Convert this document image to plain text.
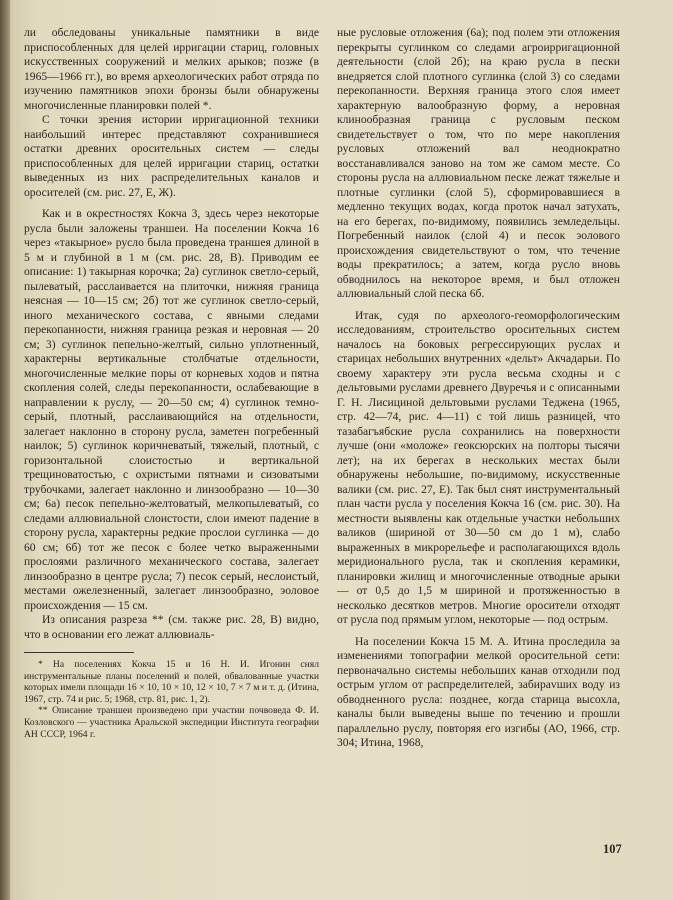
ли обследованы уникальные памятники в виде приспособленных для целей ирригации стариц, головных искусственных сооружений и мелких арыков; позже (в 1965—1966 гг.), во время археологических работ отряда по изучению памятников эпохи бронзы были обнаружены многочисленные планировки полей *.

С точки зрения истории ирригационной техники наибольший интерес представляют сохранившиеся остатки древних оросительных систем — следы приспособленных для целей ирригации стариц, остатки выведенных из них распределительных каналов и оросителей (см. рис. 27, Е, Ж).

Как и в окрестностях Кокча 3, здесь через некоторые русла были заложены траншеи. На поселении Кокча 16 через «такырное» русло была проведена траншея длиной в 5 м и глубиной в 1 м (см. рис. 28, В). Приводим ее описание: 1) такырная корочка; 2a) суглинок светло-серый, пылеватый, расслаивается на плиточки, нижняя граница неясная — 10—15 см; 2б) тот же суглинок светло-серый, иного механического состава, с явными следами перекопанности, нижняя граница резкая и неровная — 20 см; 3) суглинок пепельно-желтый, сильно уплотненный, характерны вертикальные столбчатые отдельности, многочисленные мелкие поры от корневых ходов и пятна скопления солей, следы перекопанности, ослабевающие в направлении к руслу, — 20—50 см; 4) суглинок темно-серый, плотный, расслаивающийся на отдельности, залегает наклонно в сторону русла, заметен погребенный наилок; 5) суглинок коричневатый, тяжелый, плотный, с горизонтальной слоистостью и вертикальной трещиноватостью, с охристыми пятнами и сизоватыми трубочками, залегает наклонно и линзообразно — 10—30 см; 6a) песок пепельно-желтоватый, мелкопылеватый, со следами аллювиальной слоистости, слои имеют падение в сторону русла, характерны редкие прослои суглинка — до 60 см; 6б) тот же песок с более четко выраженными прослоями различного механического состава, залегает линзообразно в центре русла; 7) песок серый, неслоистый, местами ожелезненный, залегает линзообразно, эоловое происхождения — 15 см.

Из описания разреза ** (см. также рис. 28, В) видно, что в основании его лежат аллювиаль-

* На поселениях Кокча 15 и 16 Н. И. Игонин снял инструментальные планы поселений и полей, обвалованные участки которых имели площади 16 × 10, 10 × 10, 12 × 10, 7 × 7 м и т. д. (Итина, 1967, стр. 74 и рис. 5; 1968, стр. 81, рис. 1, 2).

** Описание траншеи произведено при участии почвоведа Ф. И. Козловского — участника Аральской экспедиции Института географии АН СССР, 1964 г.

ные русловые отложения (6а); под полем эти отложения перекрыты суглинком со следами агроирригационной деятельности (слой 2б); на краю русла в пески внедряется слой плотного суглинка (слой 3) со следами перекопанности. Верхняя граница этого слоя имеет характерную валообразную форму, а неровная клинообразная граница с русловым песком свидетельствует о том, что по мере накопления русловых отложений вал неоднократно восстанавливался заново на том же самом месте. Со стороны русла на аллювиальном песке лежат тяжелые и плотные суглинки (слой 5), сформировавшиеся в медленно текущих водах, когда проток начал затухать, на его берегах, по-видимому, появились земледельцы. Погребенный наилок (слой 4) и песок эолового происхождения свидетельствуют о том, что течение воды прекратилось; а затем, когда русло вновь обводнилось на некоторое время, и был отложен аллювиальный слой песка 6б.

Итак, судя по археолого-геоморфологическим исследованиям, строительство оросительных систем началось на боковых регрессирующих руслах и старицах небольших внутренних «дельт» Акчадарьи. По своему характеру эти русла весьма сходны и с дельтовыми руслами древнего Двуречья и с описанными Г. Н. Лисициной дельтовыми руслами Теджена (1965, стр. 42—74, рис. 4—11) с той лишь разницей, что тазабагъябские русла сохранились на поверхности лучше (они «моложе» геоксюрских на полторы тысячи лет); на их берегах в нескольких местах были обнаружены небольшие, по-видимому, искусственные валики (см. рис. 27, Е). Так был снят инструментальный план части русла у поселения Кокча 16 (см. рис. 30). На местности выявлены как отдельные участки небольших валиков (шириной от 30—50 см до 1 м), слабо выраженных в микрорельефе и располагающихся вдоль меридионального русла, так и скопления керамики, планировки жилищ и многочисленные отводные арыки — от 0,5 до 1,5 м шириной и протяженностью в несколько десятков метров. Многие оросители отходят от русла под прямым углом, некоторые — под острым.

На поселении Кокча 15 М. А. Итина проследила за изменениями топографии мелкой оросительной сети: первоначально системы небольших канав отходили под острым углом от распределителей, забирavших воду из обводненного русла: позднее, когда старица высохла, каналы были выведены выше по течению и прошли параллельно руслу, повторяя его изгибы (АО, 1966, стр. 304; Итина, 1968,

107
